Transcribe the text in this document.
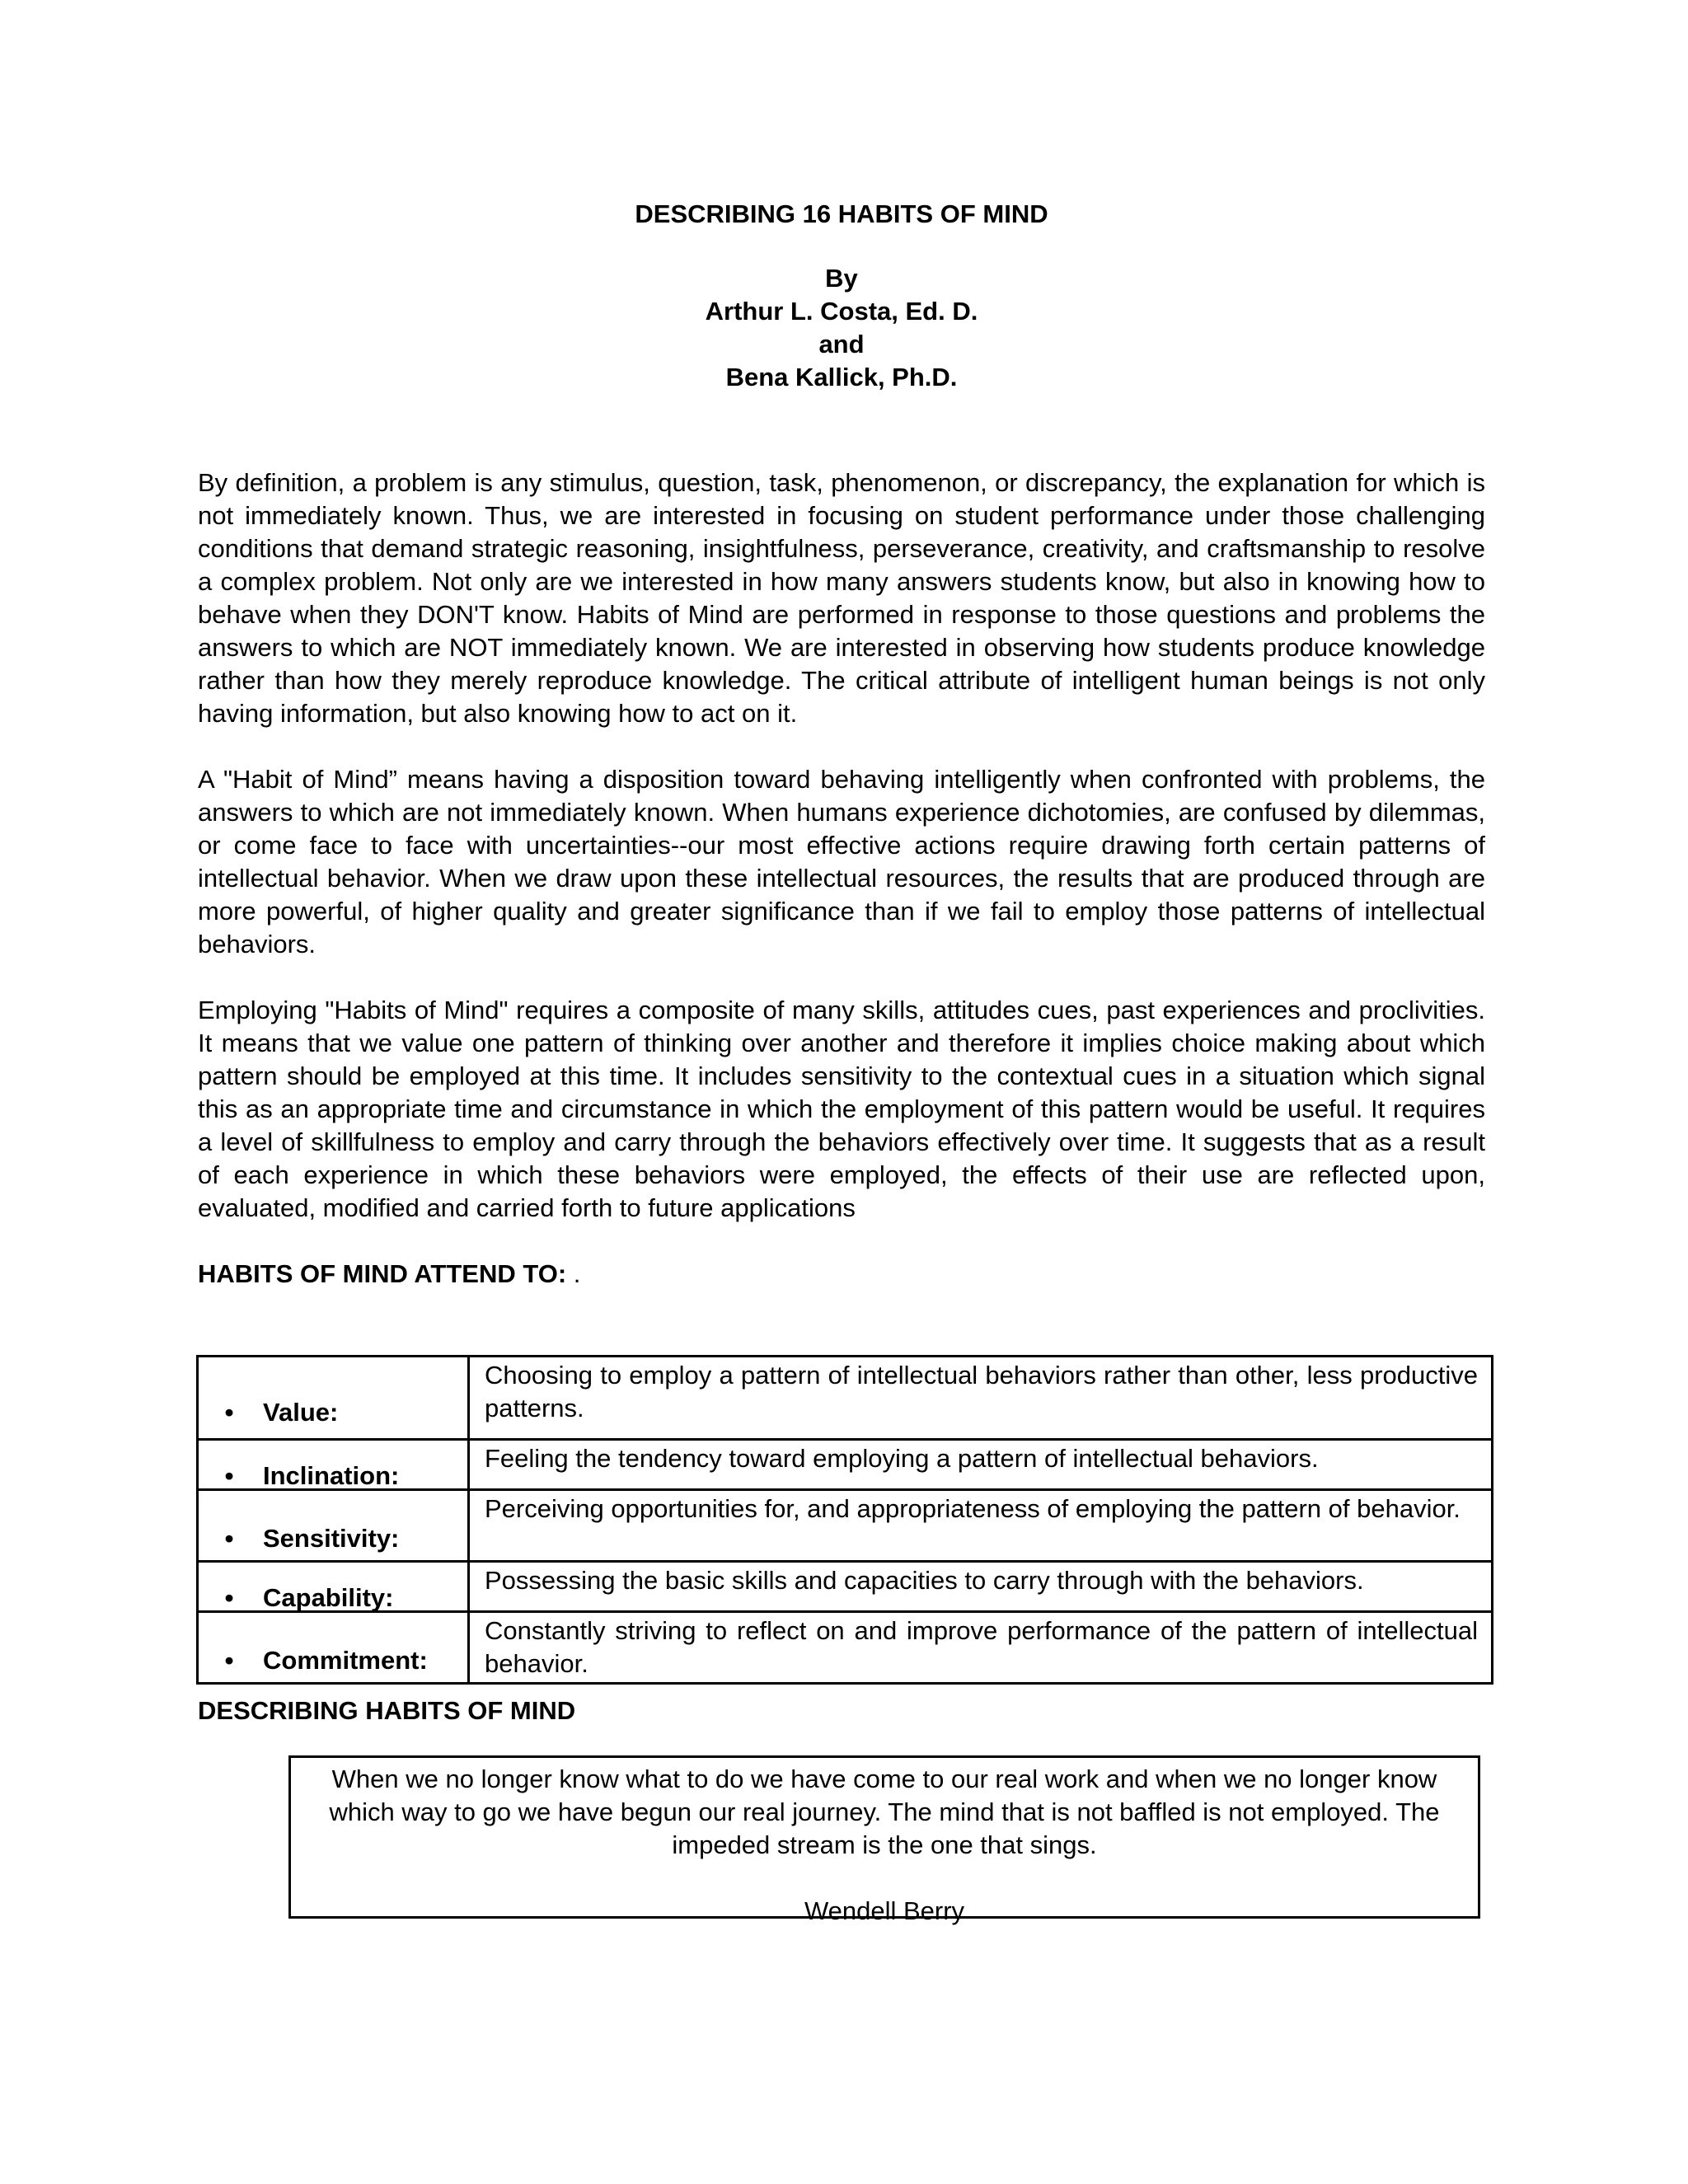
DESCRIBING 16 HABITS OF MIND
By
Arthur L. Costa, Ed. D.
and
Bena Kallick, Ph.D.

By definition, a problem is any stimulus, question, task, phenomenon, or discrepancy, the explanation for which is not immediately known. Thus, we are interested in focusing on student performance under those challenging conditions that demand strategic reasoning, insightfulness, perseverance, creativity, and craftsmanship to resolve a complex problem. Not only are we interested in how many answers students know, but also in knowing how to behave when they DON'T know. Habits of Mind are performed in response to those questions and problems the answers to which are NOT immediately known. We are interested in observing how students produce knowledge rather than how they merely reproduce knowledge. The critical attribute of intelligent human beings is not only having information, but also knowing how to act on it.

A "Habit of Mind” means having a disposition toward behaving intelligently when confronted with problems, the answers to which are not immediately known. When humans experience dichotomies, are confused by dilemmas, or come face to face with uncertainties--our most effective actions require drawing forth certain patterns of intellectual behavior. When we draw upon these intellectual resources, the results that are produced through are more powerful, of higher quality and greater significance than if we fail to employ those patterns of intellectual behaviors.

Employing "Habits of Mind" requires a composite of many skills, attitudes cues, past experiences and proclivities. It means that we value one pattern of thinking over another and therefore it implies choice making about which pattern should be employed at this time. It includes sensitivity to the contextual cues in a situation which signal this as an appropriate time and circumstance in which the employment of this pattern would be useful. It requires a level of skillfulness to employ and carry through the behaviors effectively over time. It suggests that as a result of each experience in which these behaviors were employed, the effects of their use are reflected upon, evaluated, modified and carried forth to future applications

HABITS OF MIND ATTEND TO: .
• Value:	Choosing to employ a pattern of intellectual behaviors rather than other, less productive patterns.

• Inclination:	Feeling the tendency toward employing a pattern of intellectual behaviors.

• Sensitivity:	Perceiving opportunities for, and appropriateness of employing the pattern of behavior.

• Capability:	Possessing the basic skills and capacities to carry through with the behaviors.

• Commitment:	Constantly striving to reflect on and improve performance of the pattern of intellectual behavior.
DESCRIBING HABITS OF MIND
When we no longer know what to do we have come to our real work and when we no longer know which way to go we have begun our real journey. The mind that is not baffled is not employed. The impeded stream is the one that sings.
Wendell Berry
